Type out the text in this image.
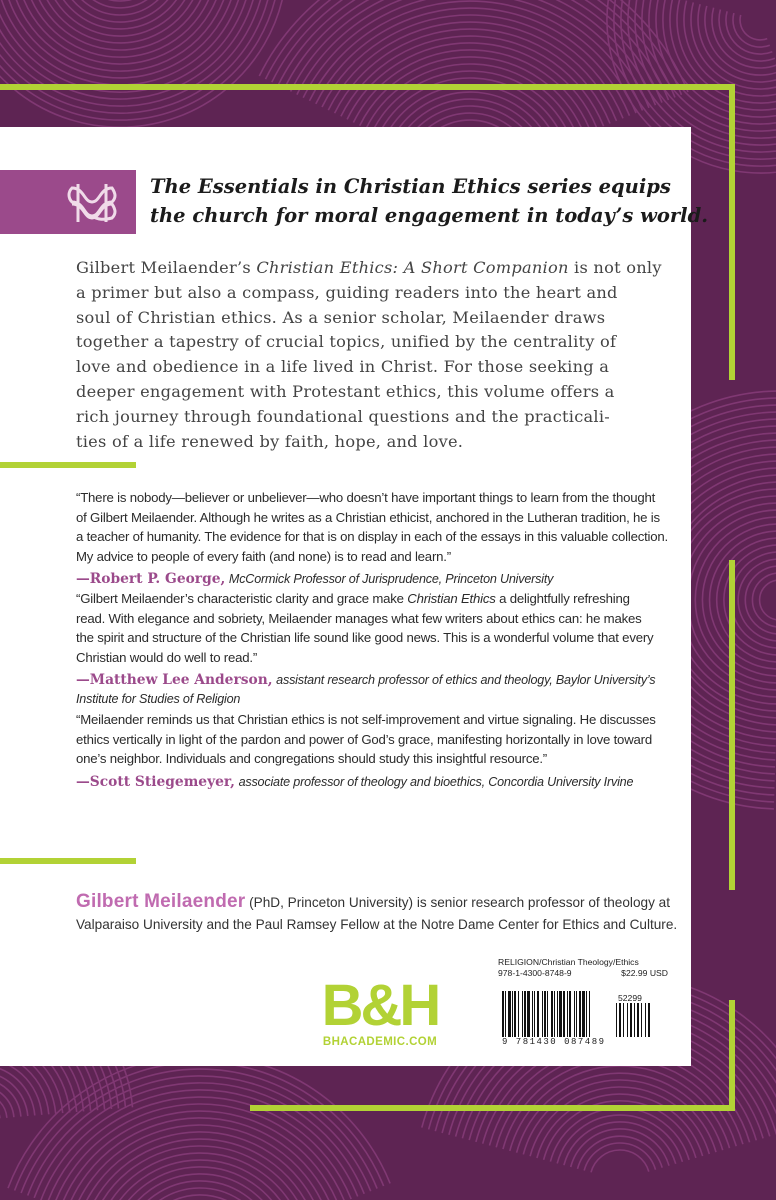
The Essentials in Christian Ethics series equips
the church for moral engagement in today’s world.
Gilbert Meilaender’s Christian Ethics: A Short Companion is not only
a primer but also a compass, guiding readers into the heart and
soul of Christian ethics. As a senior scholar, Meilaender draws
together a tapestry of crucial topics, unified by the centrality of
love and obedience in a life lived in Christ. For those seeking a
deeper engagement with Protestant ethics, this volume offers a
rich journey through foundational questions and the practicali-
ties of a life renewed by faith, hope, and love.
“There is nobody—believer or unbeliever—who doesn’t have important things to learn from the thought
of Gilbert Meilaender. Although he writes as a Christian ethicist, anchored in the Lutheran tradition, he is
a teacher of humanity. The evidence for that is on display in each of the essays in this valuable collection.
My advice to people of every faith (and none) is to read and learn.”
—Robert P. George, McCormick Professor of Jurisprudence, Princeton University
“Gilbert Meilaender’s characteristic clarity and grace make Christian Ethics a delightfully refreshing
read. With elegance and sobriety, Meilaender manages what few writers about ethics can: he makes
the spirit and structure of the Christian life sound like good news. This is a wonderful volume that every
Christian would do well to read.”
—Matthew Lee Anderson, assistant research professor of ethics and theology, Baylor University’s
Institute for Studies of Religion
“Meilaender reminds us that Christian ethics is not self-improvement and virtue signaling. He discusses
ethics vertically in light of the pardon and power of God’s grace, manifesting horizontally in love toward
one’s neighbor. Individuals and congregations should study this insightful resource.”
—Scott Stiegemeyer, associate professor of theology and bioethics, Concordia University Irvine
Gilbert Meilaender (PhD, Princeton University) is senior research professor of theology at
Valparaiso University and the Paul Ramsey Fellow at the Notre Dame Center for Ethics and Culture.
B&H
BHACADEMIC.COM
RELIGION/Christian Theology/Ethics
978-1-4300-8748-9	$22.99 USD
52299
9 781430 087489
